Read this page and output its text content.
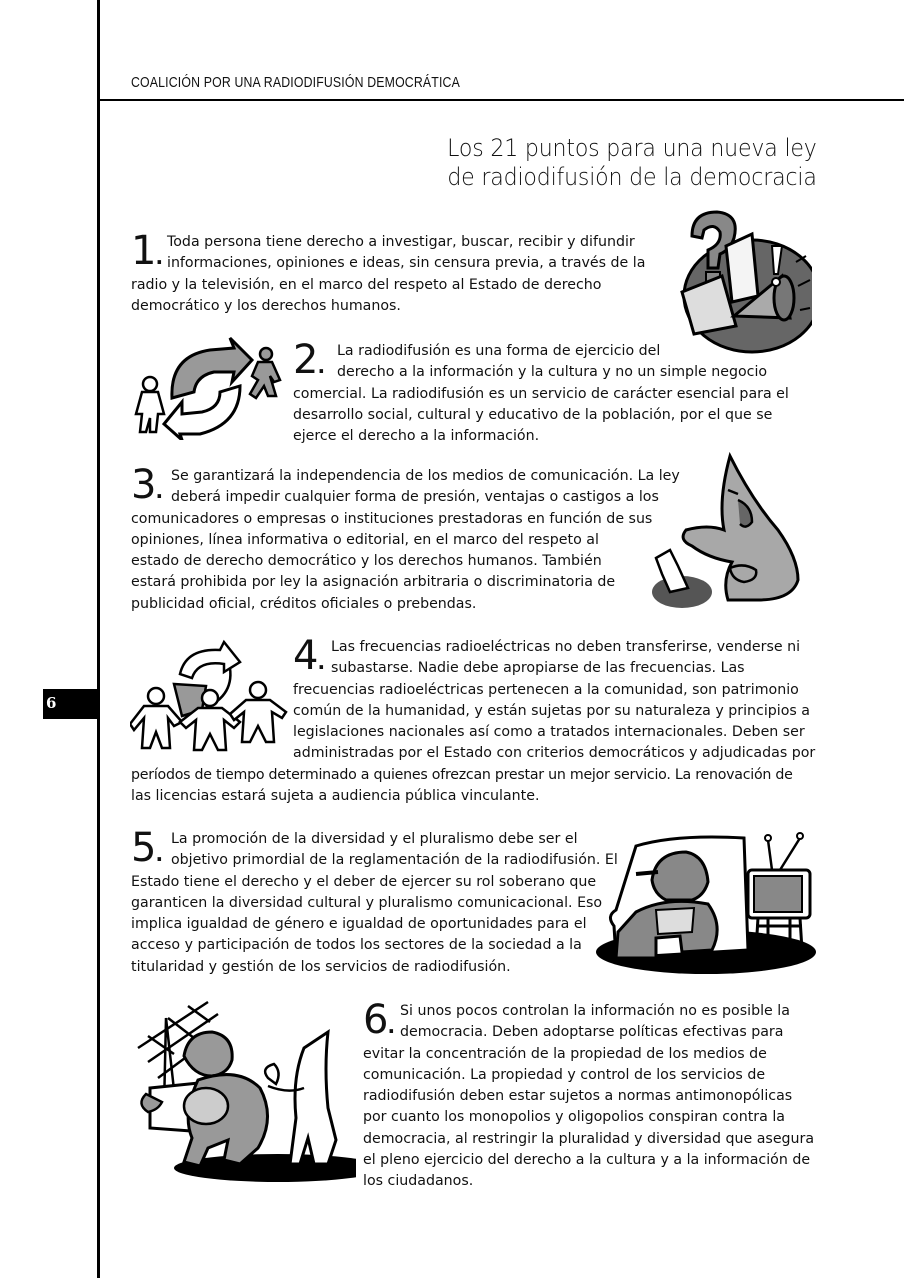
COALICIÓN POR UNA RADIODIFUSIÓN DEMOCRÁTICA
6
Los 21 puntos para una nueva ley
de radiodifusión de la democracia
1.
Toda persona tiene derecho a investigar, buscar, recibir y difundir
informaciones, opiniones e ideas, sin censura previa, a través de la
radio y la televisión, en el marco del respeto al Estado de derecho
democrático y los derechos humanos.
2.
La radiodifusión es una forma de ejercicio del
derecho a la información y la cultura y no un simple negocio
comercial. La radiodifusión es un servicio de carácter esencial para el
desarrollo social, cultural y educativo de la población, por el que se
ejerce el derecho a la información.
3.
Se garantizará la independencia de los medios de comunicación. La ley
deberá impedir cualquier forma de presión, ventajas o castigos a los
comunicadores o empresas o instituciones prestadoras en función de sus
opiniones, línea informativa o editorial, en el marco del respeto al
estado de derecho democrático y los derechos humanos. También
estará prohibida por ley la asignación arbitraria o discriminatoria de
publicidad oficial, créditos oficiales o prebendas.
4.
Las frecuencias radioeléctricas no deben transferirse, venderse ni
subastarse. Nadie debe apropiarse de las frecuencias. Las
frecuencias radioeléctricas pertenecen a la comunidad, son patrimonio
común de la humanidad, y están sujetas por su naturaleza y principios a
legislaciones nacionales así como a tratados internacionales. Deben ser
administradas por el Estado con criterios democráticos y adjudicadas por
períodos de tiempo determinado a quienes ofrezcan prestar un mejor servicio. La renovación de
las licencias estará sujeta a audiencia pública vinculante.
5.
La promoción de la diversidad y el pluralismo debe ser el
objetivo primordial de la reglamentación de la radiodifusión. El
Estado tiene el derecho y el deber de ejercer su rol soberano que
garanticen la diversidad cultural y pluralismo comunicacional. Eso
implica igualdad de género e igualdad de oportunidades para el
acceso y participación de todos los sectores de la sociedad a la
titularidad y gestión de los servicios de radiodifusión.
6.
Si unos pocos controlan la información no es posible la
democracia. Deben adoptarse políticas efectivas para
evitar la concentración de la propiedad de los medios de
comunicación. La propiedad y control de los servicios de
radiodifusión deben estar sujetos a normas antimonopólicas
por cuanto los monopolios y oligopolios conspiran contra la
democracia, al restringir la pluralidad y diversidad que asegura
el pleno ejercicio del derecho a la cultura y a la información de
los ciudadanos.
